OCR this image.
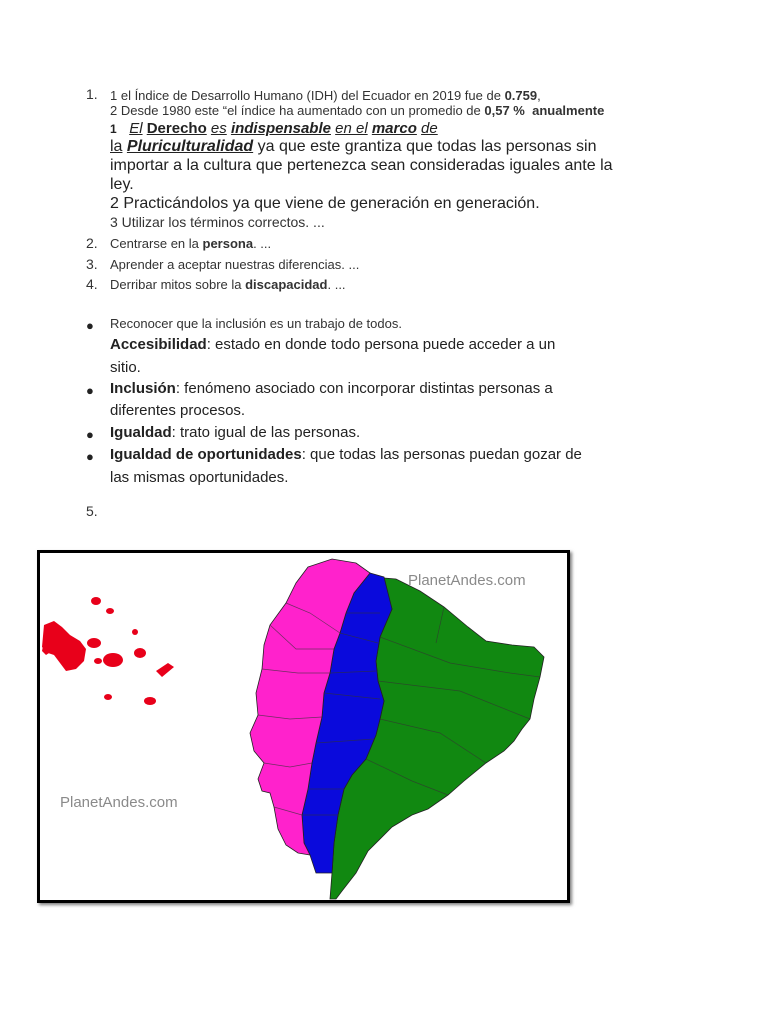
1. 1 el Índice de Desarrollo Humano (IDH) del Ecuador en 2019 fue de 0.759,
2 Desde 1980 este “el índice ha aumentado con un promedio de 0,57 % anualmente
1 El Derecho es indispensable en el marco de
la Pluriculturalidad ya que este grantiza que todas las personas sin
importar a la cultura que pertenezca sean consideradas iguales ante la
ley.
2 Practicándolos ya que viene de generación en generación.
3 Utilizar los términos correctos. ...
2. Centrarse en la persona. ...
3. Aprender a aceptar nuestras diferencias. ...
4. Derribar mitos sobre la discapacidad. ...
● Reconocer que la inclusión es un trabajo de todos.
Accesibilidad: estado en donde todo persona puede acceder a un
sitio.
● Inclusión: fenómeno asociado con incorporar distintas personas a
diferentes procesos.
● Igualdad: trato igual de las personas.
● Igualdad de oportunidades: que todas las personas puedan gozar de
las mismas oportunidades.
5.
PlanetAndes.com
PlanetAndes.com
